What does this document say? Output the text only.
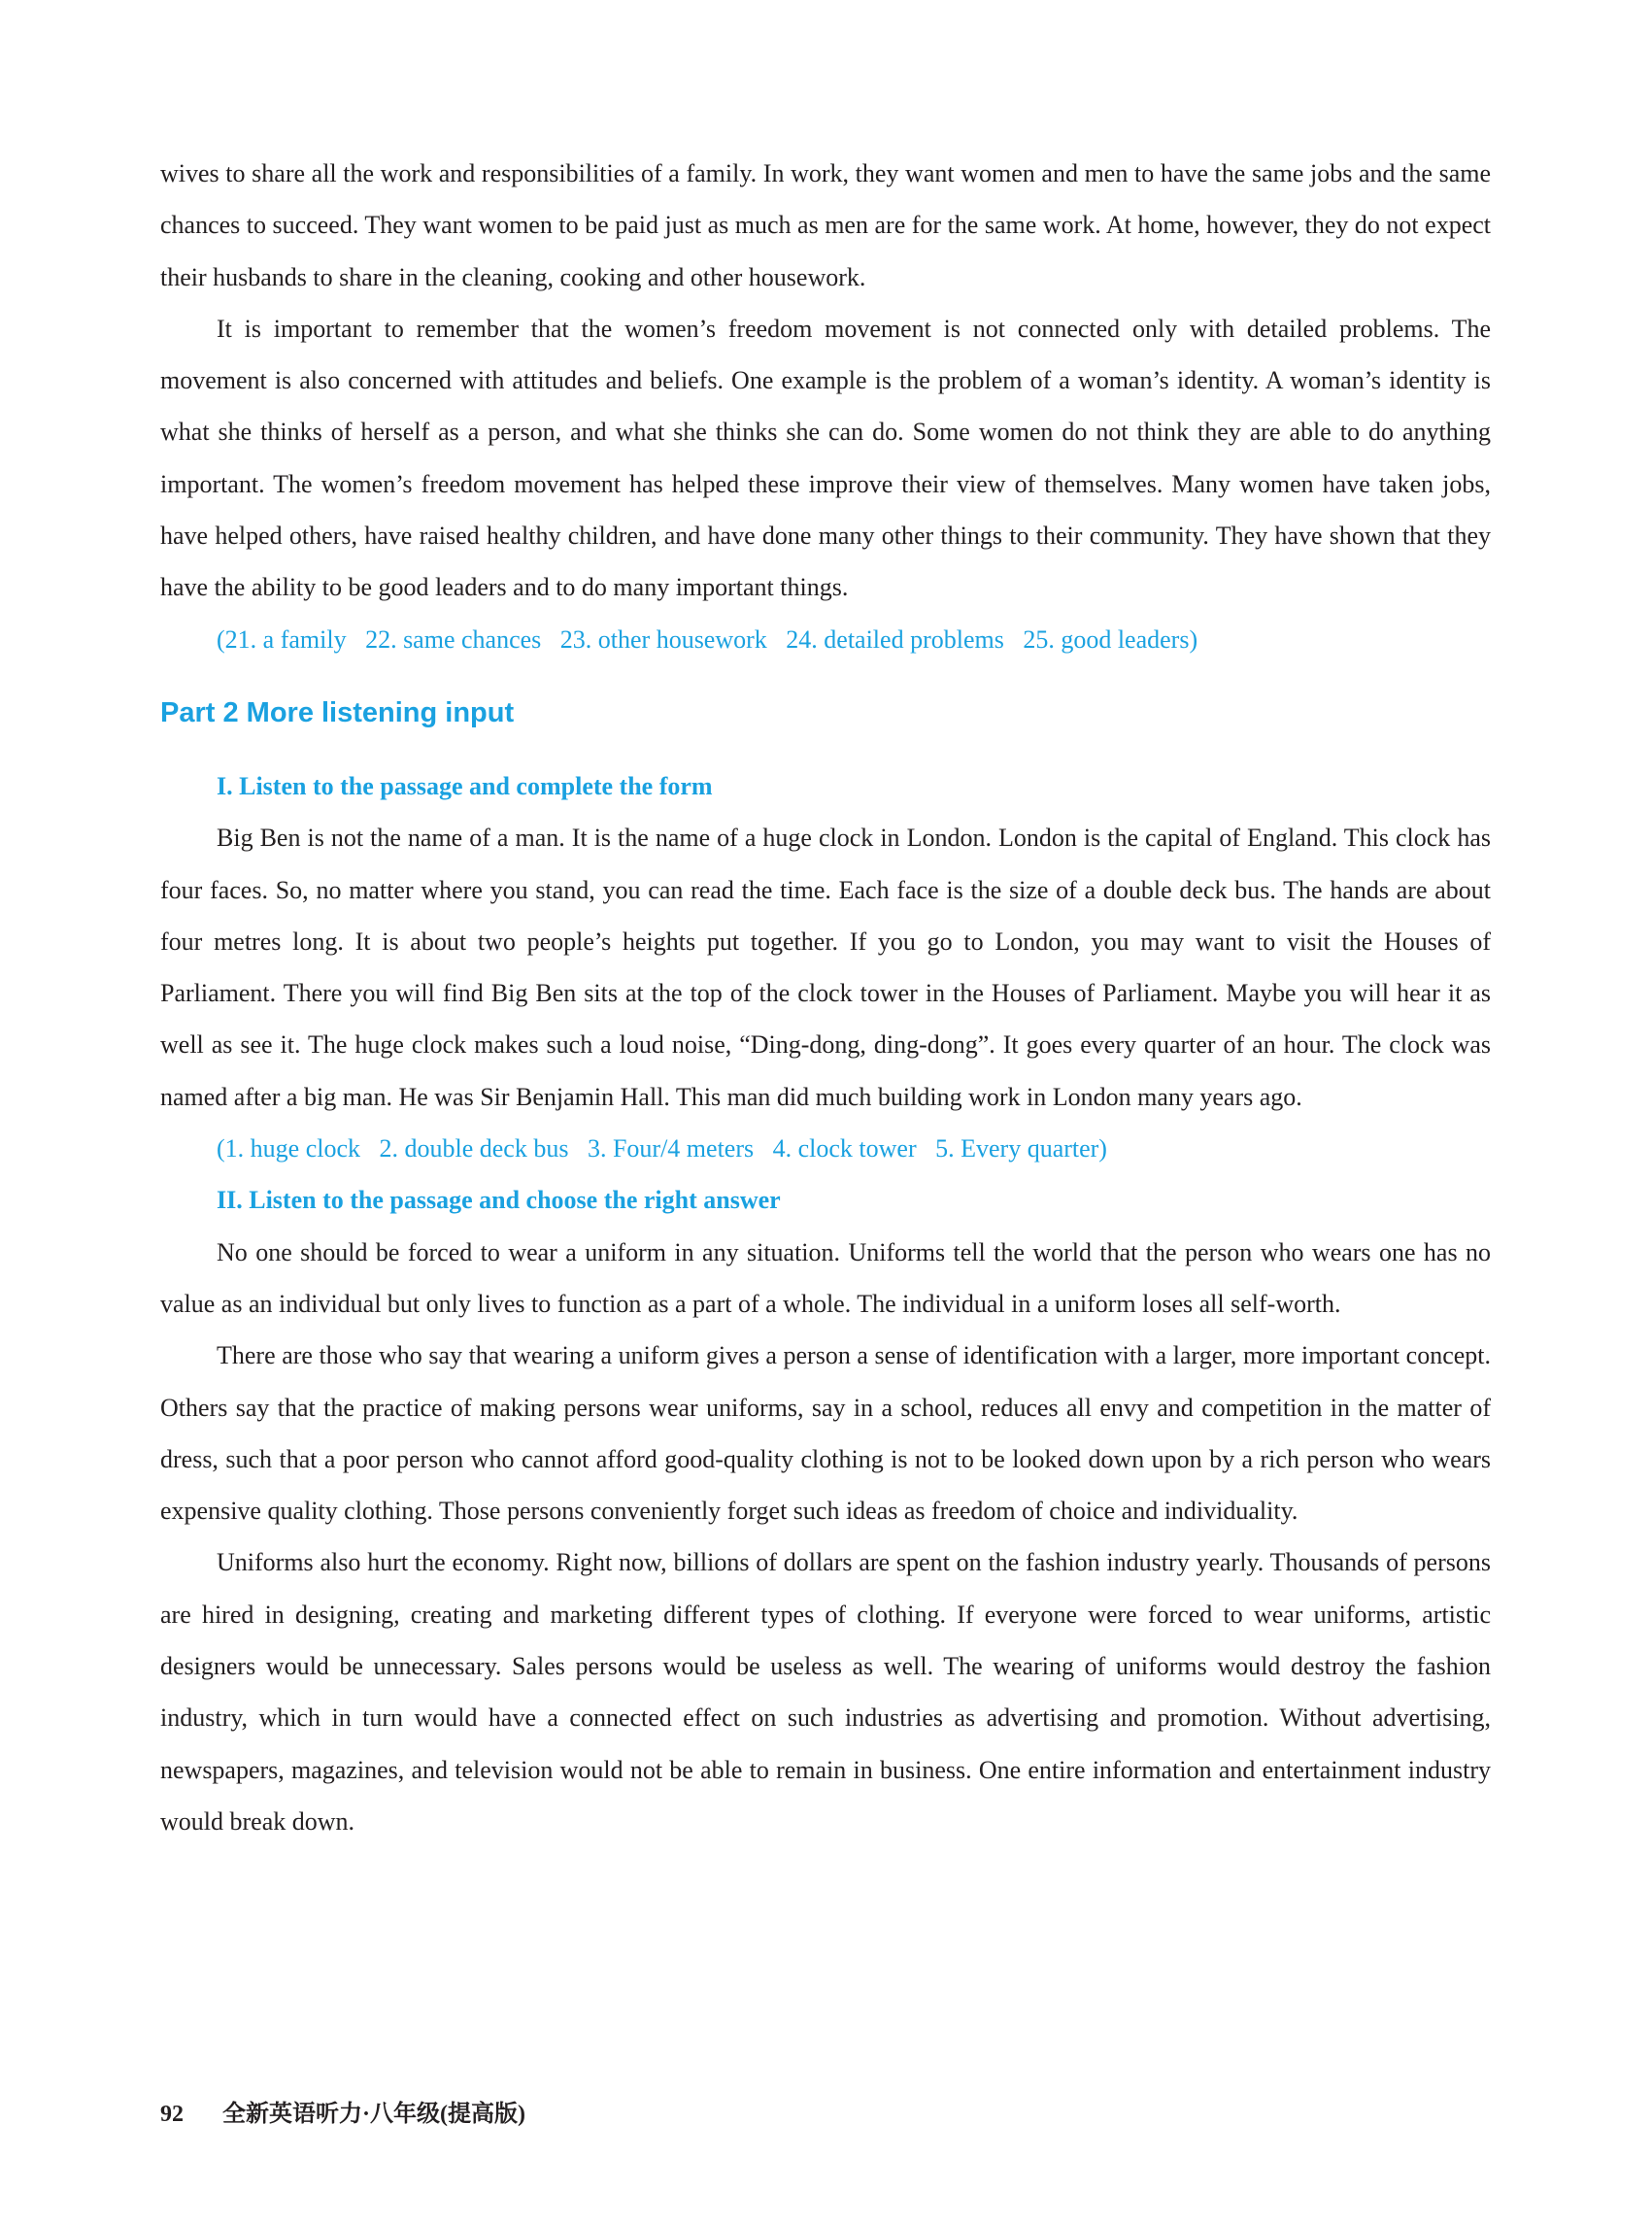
wives to share all the work and responsibilities of a family. In work, they want women and men to have the same jobs and the same chances to succeed. They want women to be paid just as much as men are for the same work. At home, however, they do not expect their husbands to share in the cleaning, cooking and other housework.

It is important to remember that the women’s freedom movement is not connected only with detailed problems. The movement is also concerned with attitudes and beliefs. One example is the problem of a woman’s identity. A woman’s identity is what she thinks of herself as a person, and what she thinks she can do. Some women do not think they are able to do anything important. The women’s freedom movement has helped these improve their view of themselves. Many women have taken jobs, have helped others, have raised healthy children, and have done many other things to their community. They have shown that they have the ability to be good leaders and to do many important things.

(21. a family   22. same chances   23. other housework   24. detailed problems   25. good leaders)

Part 2 More listening input
I. Listen to the passage and complete the form

Big Ben is not the name of a man. It is the name of a huge clock in London. London is the capital of England. This clock has four faces. So, no matter where you stand, you can read the time. Each face is the size of a double deck bus. The hands are about four metres long. It is about two people’s heights put together. If you go to London, you may want to visit the Houses of Parliament. There you will find Big Ben sits at the top of the clock tower in the Houses of Parliament. Maybe you will hear it as well as see it. The huge clock makes such a loud noise, “Ding-dong, ding-dong”. It goes every quarter of an hour. The clock was named after a big man. He was Sir Benjamin Hall. This man did much building work in London many years ago.

(1. huge clock   2. double deck bus   3. Four/4 meters   4. clock tower   5. Every quarter)

II. Listen to the passage and choose the right answer

No one should be forced to wear a uniform in any situation. Uniforms tell the world that the person who wears one has no value as an individual but only lives to function as a part of a whole. The individual in a uniform loses all self-worth.

There are those who say that wearing a uniform gives a person a sense of identification with a larger, more important concept. Others say that the practice of making persons wear uniforms, say in a school, reduces all envy and competition in the matter of dress, such that a poor person who cannot afford good-quality clothing is not to be looked down upon by a rich person who wears expensive quality clothing. Those persons conveniently forget such ideas as freedom of choice and individuality.

Uniforms also hurt the economy. Right now, billions of dollars are spent on the fashion industry yearly. Thousands of persons are hired in designing, creating and marketing different types of clothing. If everyone were forced to wear uniforms, artistic designers would be unnecessary. Sales persons would be useless as well. The wearing of uniforms would destroy the fashion industry, which in turn would have a connected effect on such industries as advertising and promotion. Without advertising, newspapers, magazines, and television would not be able to remain in business. One entire information and entertainment industry would break down.

92 全新英语听力·八年级(提高版)
